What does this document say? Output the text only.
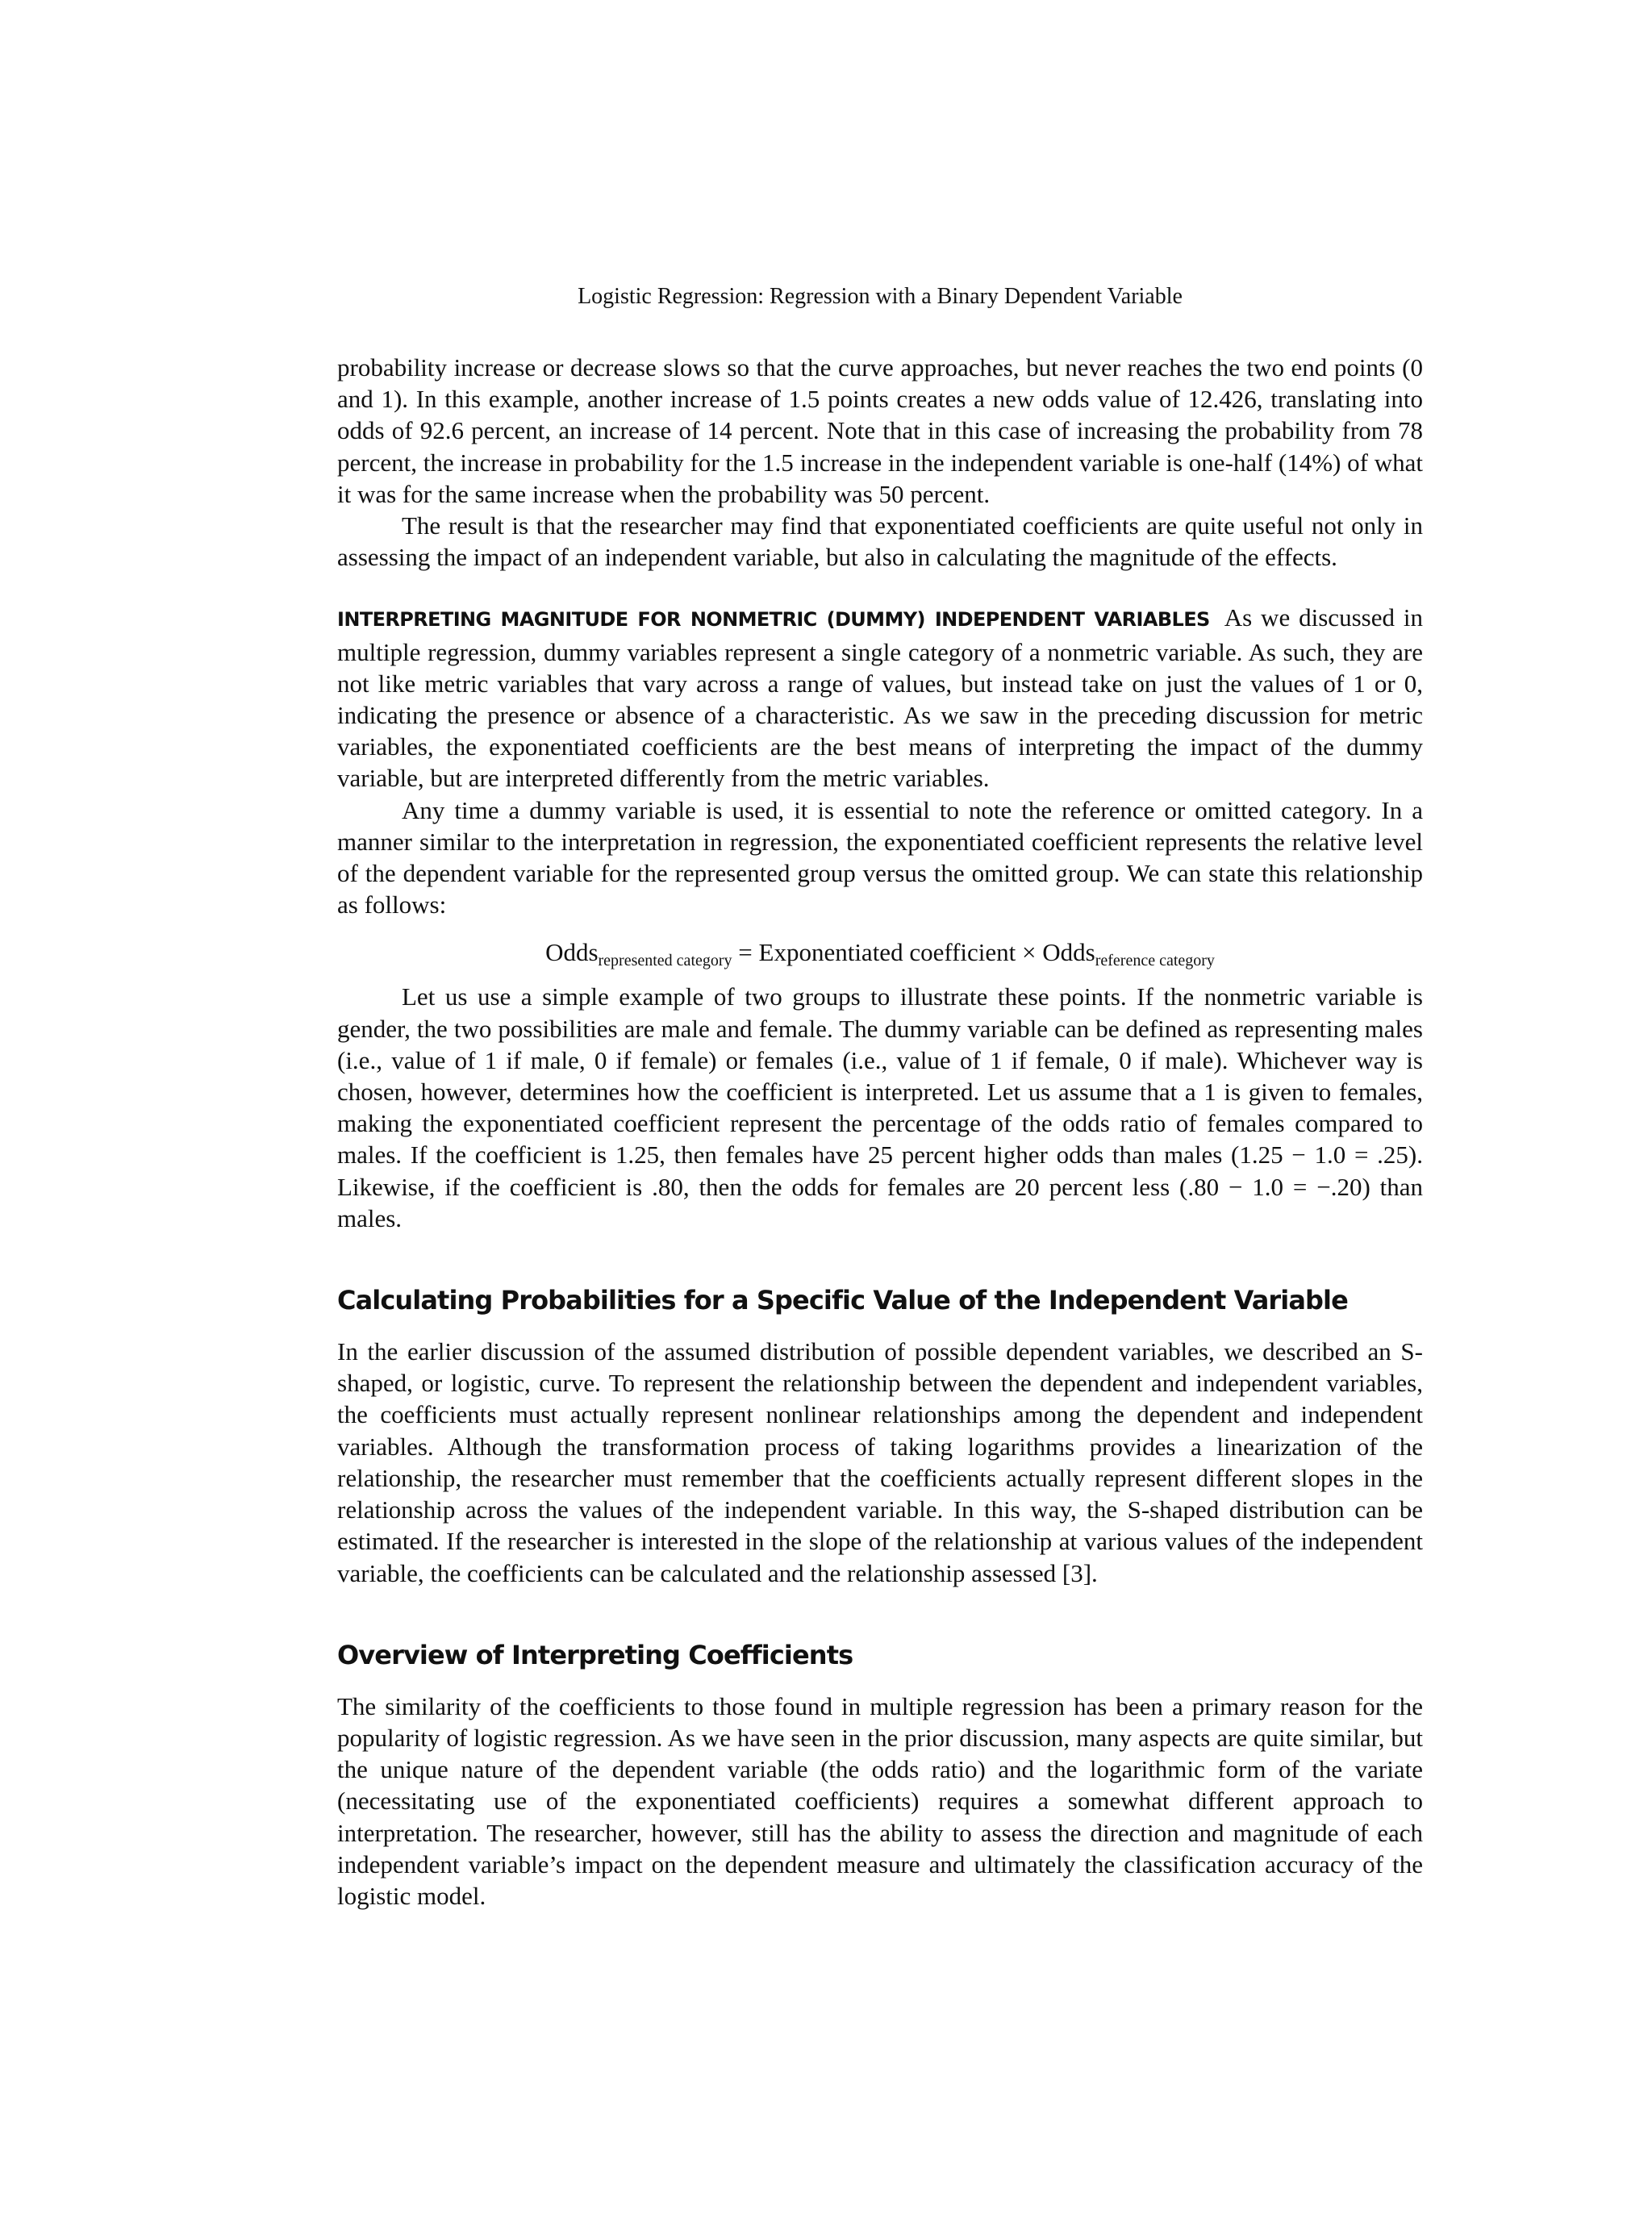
Logistic Regression: Regression with a Binary Dependent Variable

probability increase or decrease slows so that the curve approaches, but never reaches the two end points (0 and 1). In this example, another increase of 1.5 points creates a new odds value of 12.426, translating into odds of 92.6 percent, an increase of 14 percent. Note that in this case of increasing the probability from 78 percent, the increase in probability for the 1.5 increase in the independent variable is one-half (14%) of what it was for the same increase when the probability was 50 percent.

The result is that the researcher may find that exponentiated coefficients are quite useful not only in assessing the impact of an independent variable, but also in calculating the magnitude of the effects.

INTERPRETING MAGNITUDE FOR NONMETRIC (DUMMY) INDEPENDENT VARIABLES As we discussed in multiple regression, dummy variables represent a single category of a nonmetric variable. As such, they are not like metric variables that vary across a range of values, but instead take on just the values of 1 or 0, indicating the presence or absence of a characteristic. As we saw in the preceding discussion for metric variables, the exponentiated coefficients are the best means of interpreting the impact of the dummy variable, but are interpreted differently from the metric variables.

Any time a dummy variable is used, it is essential to note the reference or omitted category. In a manner similar to the interpretation in regression, the exponentiated coefficient represents the relative level of the dependent variable for the represented group versus the omitted group. We can state this relationship as follows:

Odds$_{represented category}$ = Exponentiated coefficient × Odds$_{reference category}$

Let us use a simple example of two groups to illustrate these points. If the nonmetric variable is gender, the two possibilities are male and female. The dummy variable can be defined as representing males (i.e., value of 1 if male, 0 if female) or females (i.e., value of 1 if female, 0 if male). Whichever way is chosen, however, determines how the coefficient is interpreted. Let us assume that a 1 is given to females, making the exponentiated coefficient represent the percentage of the odds ratio of females compared to males. If the coefficient is 1.25, then females have 25 percent higher odds than males (1.25 − 1.0 = .25). Likewise, if the coefficient is .80, then the odds for females are 20 percent less (.80 − 1.0 = −.20) than males.

Calculating Probabilities for a Specific Value of the Independent Variable

In the earlier discussion of the assumed distribution of possible dependent variables, we described an S-shaped, or logistic, curve. To represent the relationship between the dependent and independent variables, the coefficients must actually represent nonlinear relationships among the dependent and independent variables. Although the transformation process of taking logarithms provides a linearization of the relationship, the researcher must remember that the coefficients actually represent different slopes in the relationship across the values of the independent variable. In this way, the S-shaped distribution can be estimated. If the researcher is interested in the slope of the relationship at various values of the independent variable, the coefficients can be calculated and the relationship assessed [3].

Overview of Interpreting Coefficients

The similarity of the coefficients to those found in multiple regression has been a primary reason for the popularity of logistic regression. As we have seen in the prior discussion, many aspects are quite similar, but the unique nature of the dependent variable (the odds ratio) and the logarithmic form of the variate (necessitating use of the exponentiated coefficients) requires a somewhat different approach to interpretation. The researcher, however, still has the ability to assess the direction and magnitude of each independent variable’s impact on the dependent measure and ultimately the classification accuracy of the logistic model.
